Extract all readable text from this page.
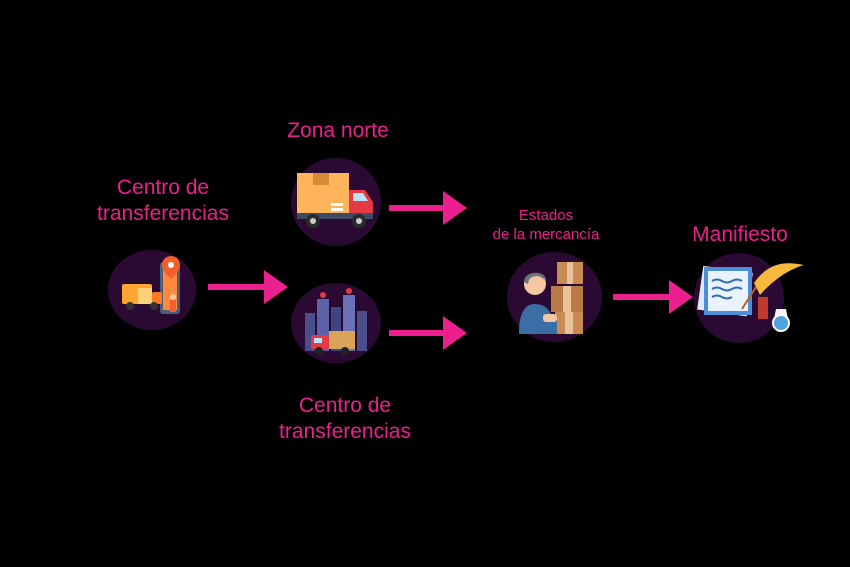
Centro de
transferencias
Zona norte
Centro de
transferencias
Estados
de la mercancía	Manifiesto
